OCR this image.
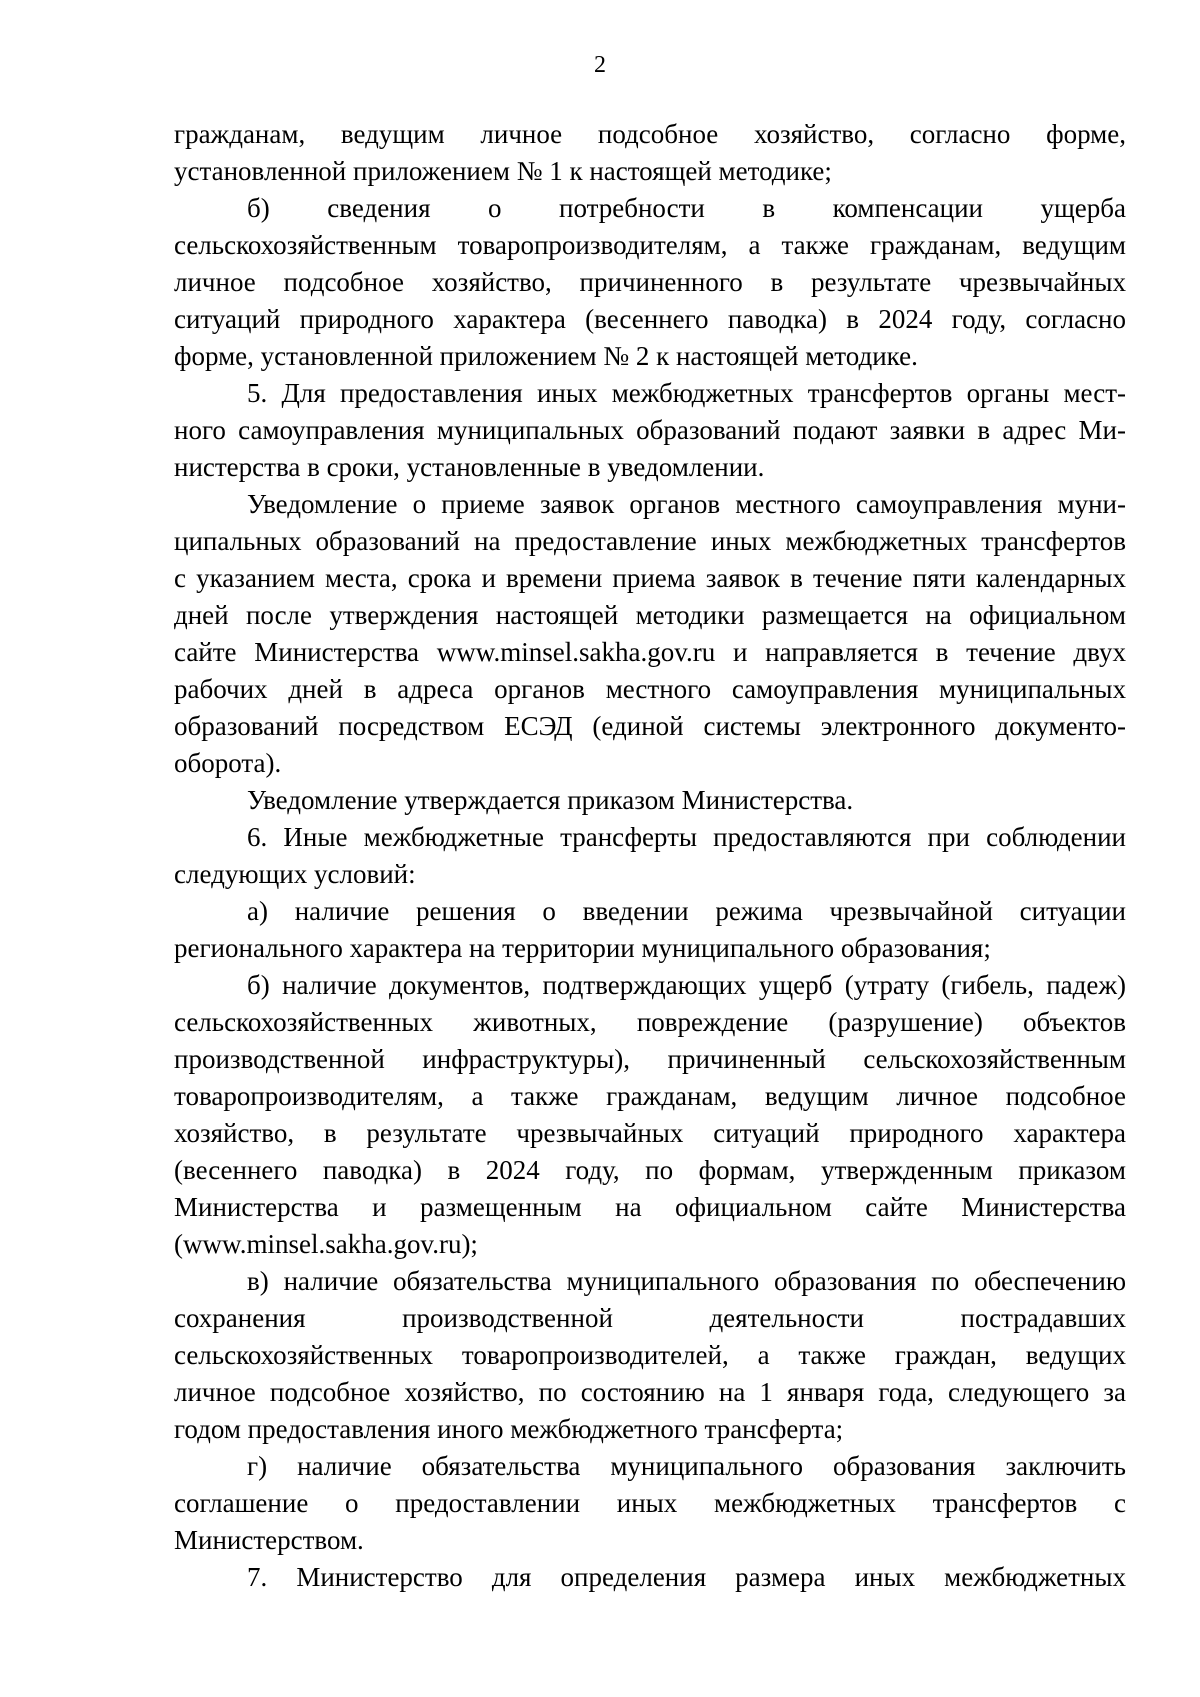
2

гражданам, ведущим личное подсобное хозяйство, согласно форме,

установленной приложением № 1 к настоящей методике;

б) сведения о потребности в компенсации ущерба

сельскохозяйственным товаропроизводителям, а также гражданам, ведущим

личное подсобное хозяйство, причиненного в результате чрезвычайных

ситуаций природного характера (весеннего паводка) в 2024 году, согласно

форме, установленной приложением № 2 к настоящей методике.

5. Для предоставления иных межбюджетных трансфертов органы мест-

ного самоуправления муниципальных образований подают заявки в адрес Ми-

нистерства в сроки, установленные в уведомлении.

Уведомление о приеме заявок органов местного самоуправления муни-

ципальных образований на предоставление иных межбюджетных трансфертов

с указанием места, срока и времени приема заявок в течение пяти календарных

дней после утверждения настоящей методики размещается на официальном

сайте Министерства www.minsel.sakha.gov.ru и направляется в течение двух

рабочих дней в адреса органов местного самоуправления муниципальных

образований посредством ЕСЭД (единой системы электронного документо-

оборота).

Уведомление утверждается приказом Министерства.

6. Иные межбюджетные трансферты предоставляются при соблюдении

следующих условий:

а) наличие решения о введении режима чрезвычайной ситуации

регионального характера на территории муниципального образования;

б) наличие документов, подтверждающих ущерб (утрату (гибель, падеж)

сельскохозяйственных животных, повреждение (разрушение) объектов

производственной инфраструктуры), причиненный сельскохозяйственным

товаропроизводителям, а также гражданам, ведущим личное подсобное

хозяйство, в результате чрезвычайных ситуаций природного характера

(весеннего паводка) в 2024 году, по формам, утвержденным приказом

Министерства и размещенным на официальном сайте Министерства

(www.minsel.sakha.gov.ru);

в) наличие обязательства муниципального образования по обеспечению

сохранения производственной деятельности пострадавших

сельскохозяйственных товаропроизводителей, а также граждан, ведущих

личное подсобное хозяйство, по состоянию на 1 января года, следующего за

годом предоставления иного межбюджетного трансферта;

г) наличие обязательства муниципального образования заключить

соглашение о предоставлении иных межбюджетных трансфертов с

Министерством.

7. Министерство для определения размера иных межбюджетных
